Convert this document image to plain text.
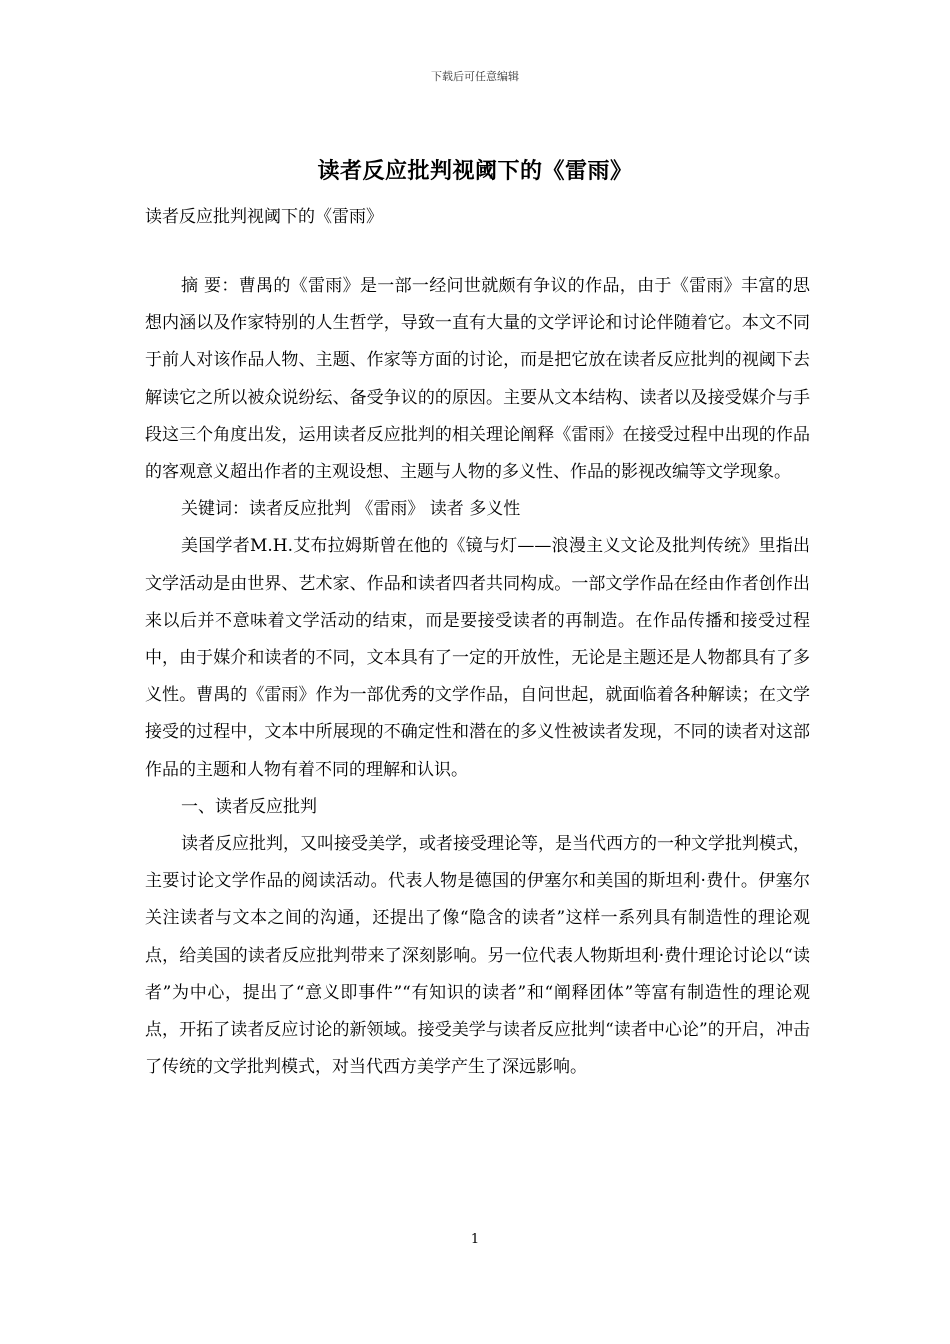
下载后可任意编辑
读者反应批判视阈下的《雷雨》
读者反应批判视阈下的《雷雨》

摘 要：曹禺的《雷雨》是一部一经问世就颇有争议的作品，由于《雷雨》丰富的思想内涵以及作家特别的人生哲学，导致一直有大量的文学评论和讨论伴随着它。本文不同于前人对该作品人物、主题、作家等方面的讨论，而是把它放在读者反应批判的视阈下去解读它之所以被众说纷纭、备受争议的的原因。主要从文本结构、读者以及接受媒介与手段这三个角度出发，运用读者反应批判的相关理论阐释《雷雨》在接受过程中出现的作品的客观意义超出作者的主观设想、主题与人物的多义性、作品的影视改编等文学现象。

关键词：读者反应批判 《雷雨》 读者 多义性

美国学者M.H.艾布拉姆斯曾在他的《镜与灯——浪漫主义文论及批判传统》里指出文学活动是由世界、艺术家、作品和读者四者共同构成。一部文学作品在经由作者创作出来以后并不意味着文学活动的结束，而是要接受读者的再制造。在作品传播和接受过程中，由于媒介和读者的不同，文本具有了一定的开放性，无论是主题还是人物都具有了多义性。曹禺的《雷雨》作为一部优秀的文学作品，自问世起，就面临着各种解读；在文学接受的过程中，文本中所展现的不确定性和潜在的多义性被读者发现，不同的读者对这部作品的主题和人物有着不同的理解和认识。

一、读者反应批判

读者反应批判，又叫接受美学，或者接受理论等，是当代西方的一种文学批判模式，主要讨论文学作品的阅读活动。代表人物是德国的伊塞尔和美国的斯坦利·费什。伊塞尔关注读者与文本之间的沟通，还提出了像“隐含的读者”这样一系列具有制造性的理论观点，给美国的读者反应批判带来了深刻影响。另一位代表人物斯坦利·费什理论讨论以“读者”为中心，提出了“意义即事件”“有知识的读者”和“阐释团体”等富有制造性的理论观点，开拓了读者反应讨论的新领域。接受美学与读者反应批判“读者中心论”的开启，冲击了传统的文学批判模式，对当代西方美学产生了深远影响。

1
